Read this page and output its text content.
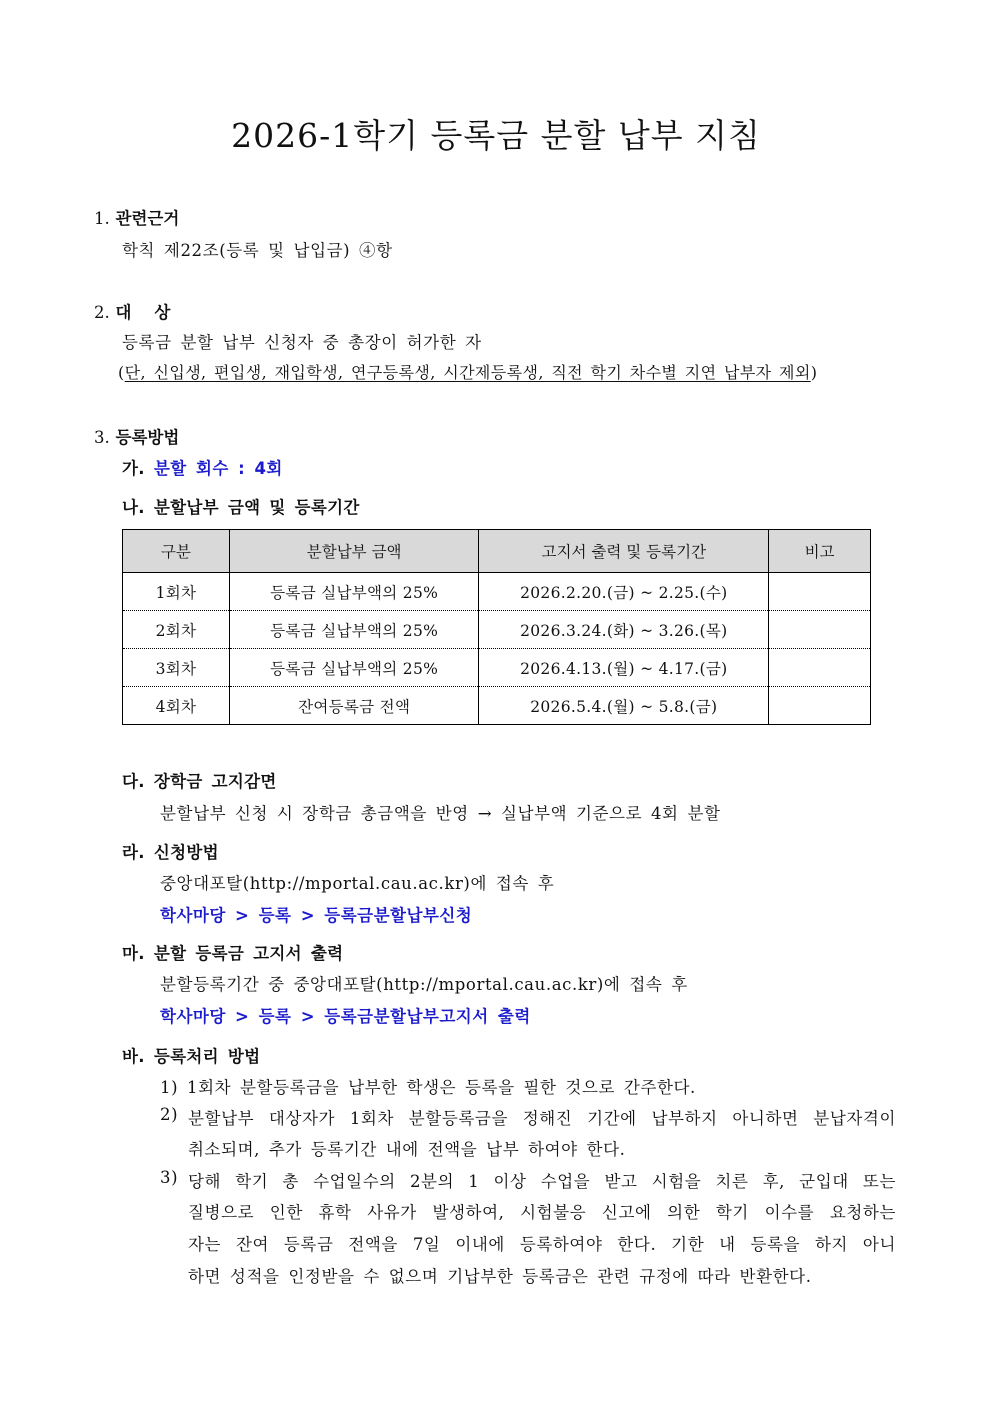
2026-1학기 등록금 분할 납부 지침
1. 관련근거
학칙 제22조(등록 및 납입금) ④항
2. 대    상
등록금 분할 납부 신청자 중 총장이 허가한 자
(단, 신입생, 편입생, 재입학생, 연구등록생, 시간제등록생, 직전 학기 차수별 지연 납부자 제외)
3. 등록방법
가. 분할 회수 : 4회
나. 분할납부 금액 및 등록기간
구분	분할납부 금액	고지서 출력 및 등록기간	비고
1회차	등록금 실납부액의 25%	2026.2.20.(금) ~ 2.25.(수)	
2회차	등록금 실납부액의 25%	2026.3.24.(화) ~ 3.26.(목)	
3회차	등록금 실납부액의 25%	2026.4.13.(월) ~ 4.17.(금)	
4회차	잔여등록금 전액	2026.5.4.(월) ~ 5.8.(금)	
다. 장학금 고지감면
분할납부 신청 시 장학금 총금액을 반영 → 실납부액 기준으로 4회 분할
라. 신청방법
중앙대포탈(http://mportal.cau.ac.kr)에 접속 후
학사마당 > 등록 > 등록금분할납부신청
마. 분할 등록금 고지서 출력
분할등록기간 중 중앙대포탈(http://mportal.cau.ac.kr)에 접속 후
학사마당 > 등록 > 등록금분할납부고지서 출력
바. 등록처리 방법
1) 1회차 분할등록금을 납부한 학생은 등록을 필한 것으로 간주한다.
2) 분할납부 대상자가 1회차 분할등록금을 정해진 기간에 납부하지 아니하면 분납자격이
취소되며, 추가 등록기간 내에 전액을 납부 하여야 한다.
3) 당해 학기 총 수업일수의 2분의 1 이상 수업을 받고 시험을 치른 후, 군입대 또는
질병으로 인한 휴학 사유가 발생하여, 시험불응 신고에 의한 학기 이수를 요청하는
자는 잔여 등록금 전액을 7일 이내에 등록하여야 한다. 기한 내 등록을 하지 아니
하면 성적을 인정받을 수 없으며 기납부한 등록금은 관련 규정에 따라 반환한다.
